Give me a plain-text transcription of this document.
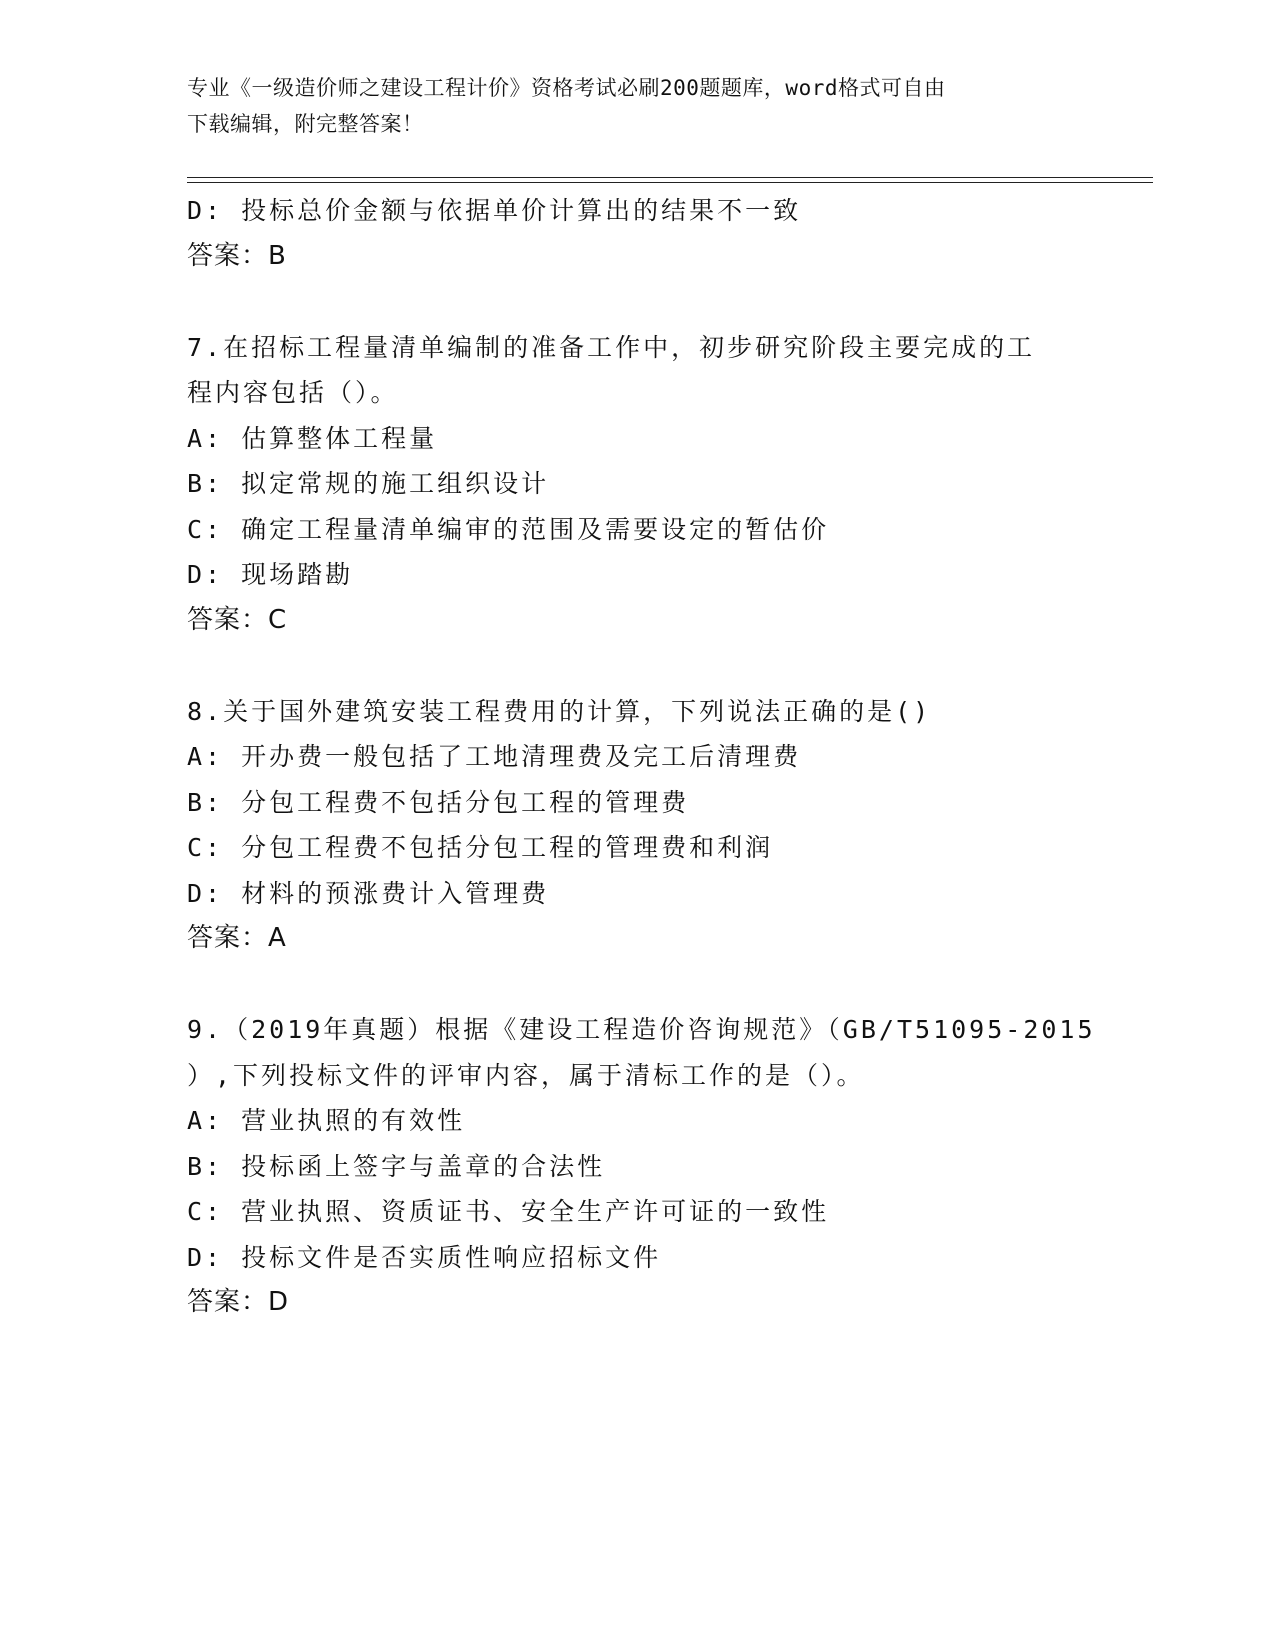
专业《一级造价师之建设工程计价》资格考试必刷200题题库，word格式可自由
下载编辑，附完整答案！
D: 投标总价金额与依据单价计算出的结果不一致
答案：B
7.在招标工程量清单编制的准备工作中，初步研究阶段主要完成的工
程内容包括（）。
A: 估算整体工程量
B: 拟定常规的施工组织设计
C: 确定工程量清单编审的范围及需要设定的暂估价
D: 现场踏勘
答案：C
8.关于国外建筑安装工程费用的计算，下列说法正确的是()
A: 开办费一般包括了工地清理费及完工后清理费
B: 分包工程费不包括分包工程的管理费
C: 分包工程费不包括分包工程的管理费和利润
D: 材料的预涨费计入管理费
答案：A
9.（2019年真题）根据《建设工程造价咨询规范》（GB/T51095-2015
）,下列投标文件的评审内容，属于清标工作的是（）。
A: 营业执照的有效性
B: 投标函上签字与盖章的合法性
C: 营业执照、资质证书、安全生产许可证的一致性
D: 投标文件是否实质性响应招标文件
答案：D
